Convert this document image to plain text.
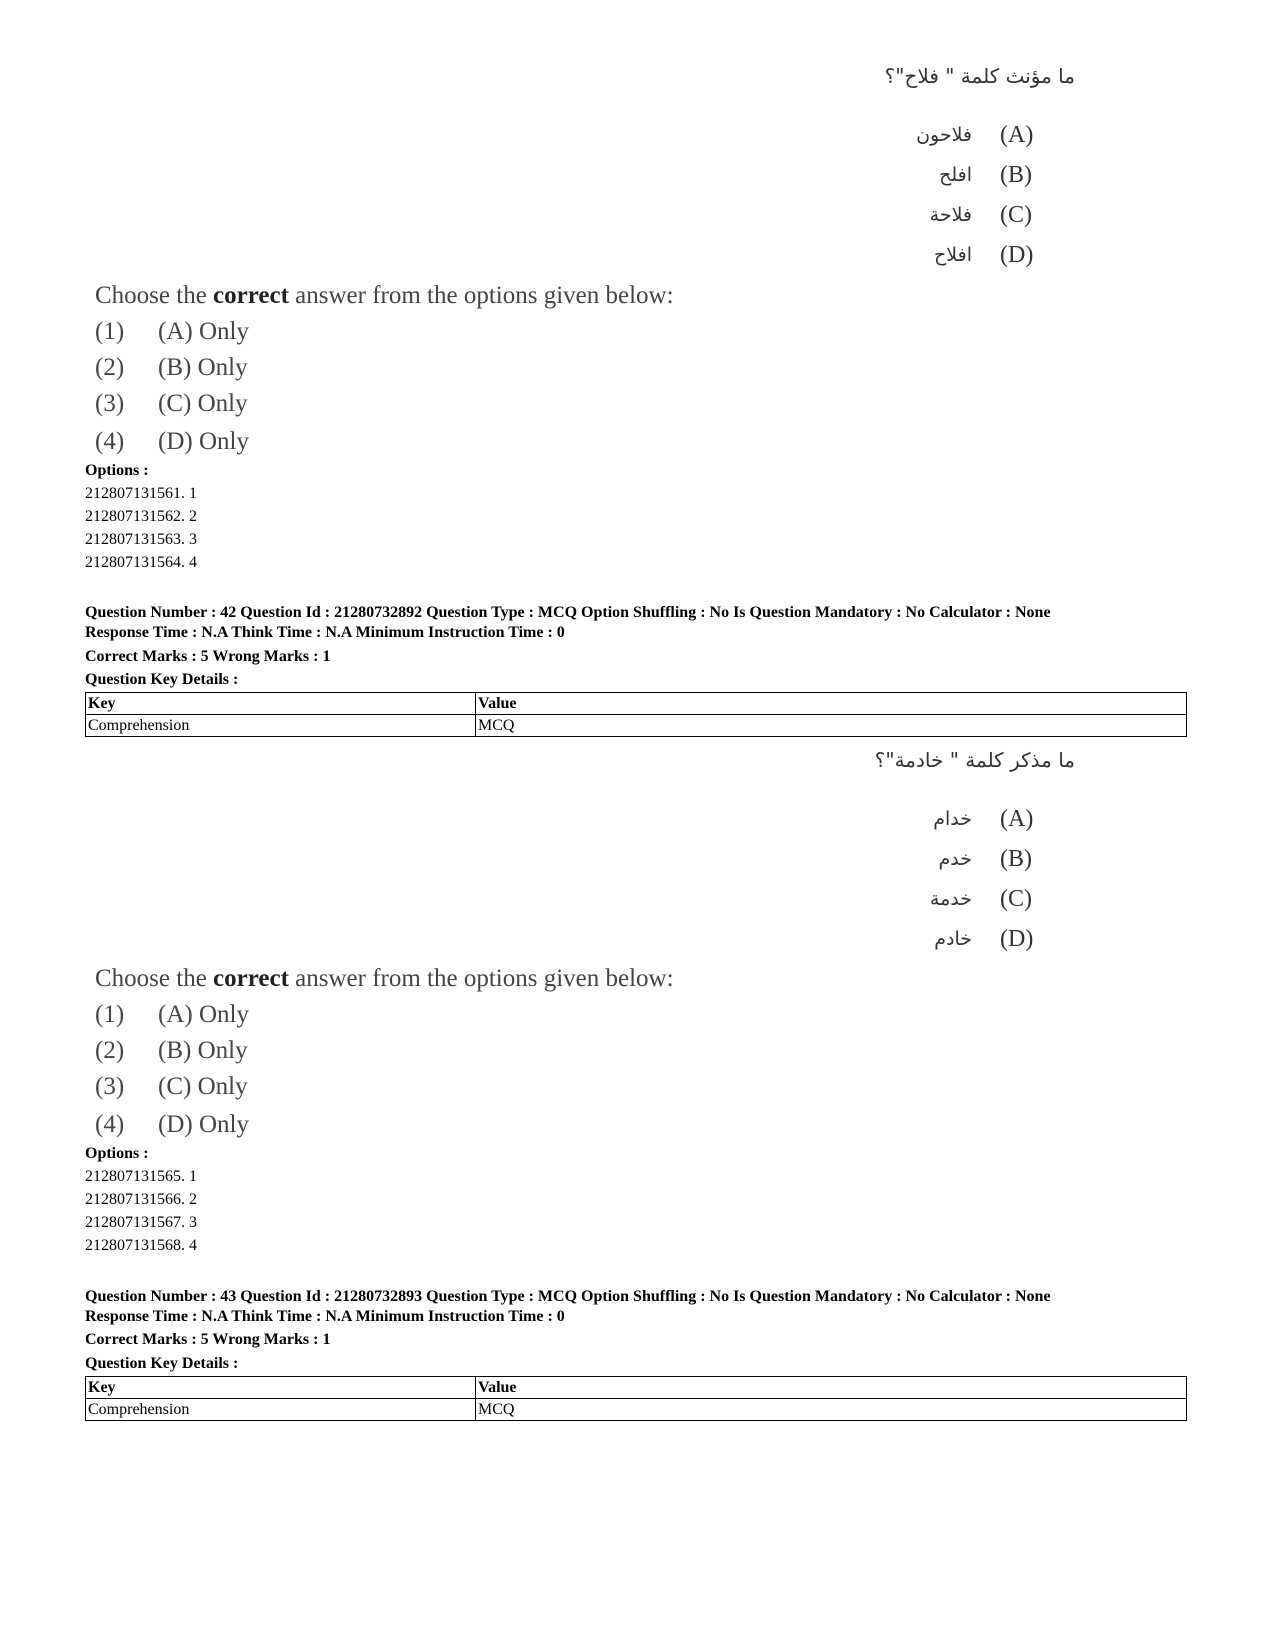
ما مؤنث كلمة " فلاح"؟
فلاحون (A)
افلح (B)
فلاحة (C)
افلاح (D)
Choose the correct answer from the options given below:
(1)	(A) Only
(2)	(B) Only
(3)	(C) Only
(4)	(D) Only
Options :
212807131561. 1
212807131562. 2
212807131563. 3
212807131564. 4
Question Number : 42 Question Id : 21280732892 Question Type : MCQ Option Shuffling : No Is Question Mandatory : No Calculator : None
Response Time : N.A Think Time : N.A Minimum Instruction Time : 0
Correct Marks : 5 Wrong Marks : 1
Question Key Details :
Key	Value
Comprehension	MCQ
ما مذكر كلمة " خادمة"؟
خدام (A)
خدم (B)
خدمة (C)
خادم (D)
Choose the correct answer from the options given below:
(1)	(A) Only
(2)	(B) Only
(3)	(C) Only
(4)	(D) Only
Options :
212807131565. 1
212807131566. 2
212807131567. 3
212807131568. 4
Question Number : 43 Question Id : 21280732893 Question Type : MCQ Option Shuffling : No Is Question Mandatory : No Calculator : None
Response Time : N.A Think Time : N.A Minimum Instruction Time : 0
Correct Marks : 5 Wrong Marks : 1
Question Key Details :
Key	Value
Comprehension	MCQ
